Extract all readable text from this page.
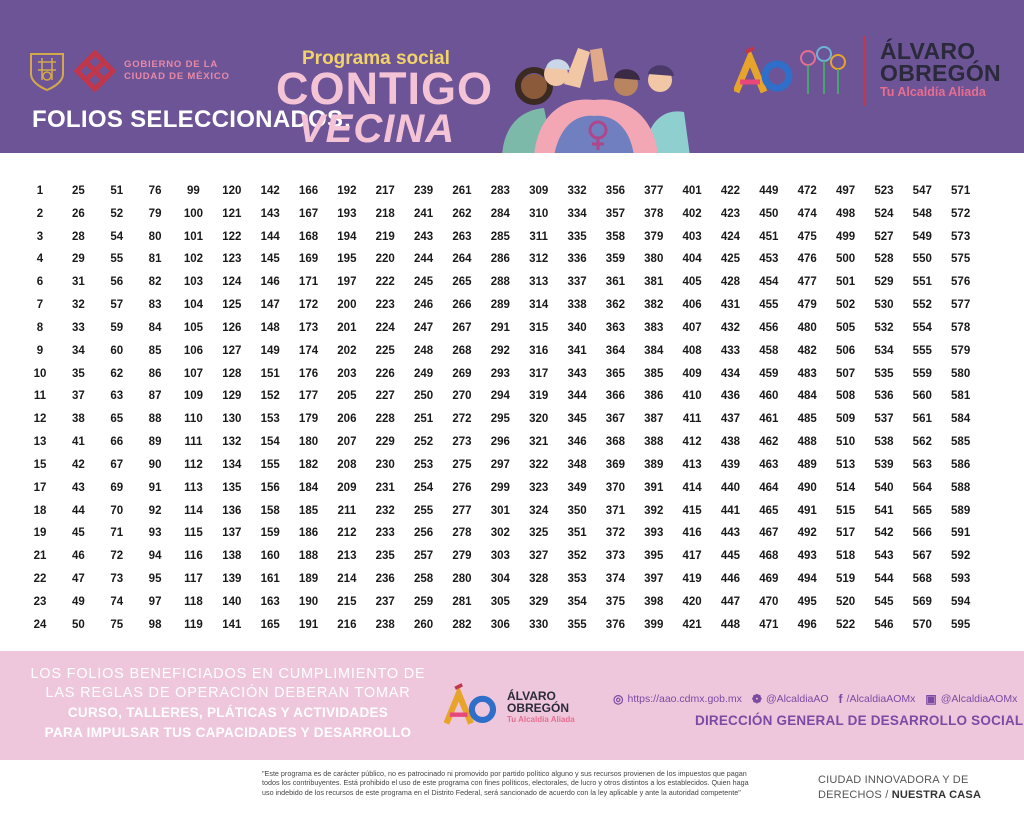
GOBIERNO DE LA
CIUDAD DE MÉXICO
FOLIOS SELECCIONADOS:
Programa social
CONTIGO
VECINA
ÁLVARO
OBREGÓN
Tu Alcaldía Aliada
1	25	51	76	99	120	142	166	192	217	239	261	283	309	332	356	377	401	422	449	472	497	523	547	571
2	26	52	79	100	121	143	167	193	218	241	262	284	310	334	357	378	402	423	450	474	498	524	548	572
3	28	54	80	101	122	144	168	194	219	243	263	285	311	335	358	379	403	424	451	475	499	527	549	573
4	29	55	81	102	123	145	169	195	220	244	264	286	312	336	359	380	404	425	453	476	500	528	550	575
6	31	56	82	103	124	146	171	197	222	245	265	288	313	337	361	381	405	428	454	477	501	529	551	576
7	32	57	83	104	125	147	172	200	223	246	266	289	314	338	362	382	406	431	455	479	502	530	552	577
8	33	59	84	105	126	148	173	201	224	247	267	291	315	340	363	383	407	432	456	480	505	532	554	578
9	34	60	85	106	127	149	174	202	225	248	268	292	316	341	364	384	408	433	458	482	506	534	555	579
10	35	62	86	107	128	151	176	203	226	249	269	293	317	343	365	385	409	434	459	483	507	535	559	580
11	37	63	87	109	129	152	177	205	227	250	270	294	319	344	366	386	410	436	460	484	508	536	560	581
12	38	65	88	110	130	153	179	206	228	251	272	295	320	345	367	387	411	437	461	485	509	537	561	584
13	41	66	89	111	132	154	180	207	229	252	273	296	321	346	368	388	412	438	462	488	510	538	562	585
15	42	67	90	112	134	155	182	208	230	253	275	297	322	348	369	389	413	439	463	489	513	539	563	586
17	43	69	91	113	135	156	184	209	231	254	276	299	323	349	370	391	414	440	464	490	514	540	564	588
18	44	70	92	114	136	158	185	211	232	255	277	301	324	350	371	392	415	441	465	491	515	541	565	589
19	45	71	93	115	137	159	186	212	233	256	278	302	325	351	372	393	416	443	467	492	517	542	566	591
21	46	72	94	116	138	160	188	213	235	257	279	303	327	352	373	395	417	445	468	493	518	543	567	592
22	47	73	95	117	139	161	189	214	236	258	280	304	328	353	374	397	419	446	469	494	519	544	568	593
23	49	74	97	118	140	163	190	215	237	259	281	305	329	354	375	398	420	447	470	495	520	545	569	594
24	50	75	98	119	141	165	191	216	238	260	282	306	330	355	376	399	421	448	471	496	522	546	570	595
LOS FOLIOS BENEFICIADOS EN CUMPLIMIENTO DE
LAS REGLAS DE OPERACIÓN DEBERAN TOMAR
CURSO, TALLERES, PLÁTICAS Y ACTIVIDADES
PARA IMPULSAR TUS CAPACIDADES Y DESARROLLO
ÁLVARO
OBREGÓN
Tu Alcaldía Aliada
◎ https://aao.cdmx.gob.mx ❁ @AlcaldiaAO f /AlcaldiaAOMx ▣ @AlcaldiaAOMx
DIRECCIÓN GENERAL DE DESARROLLO SOCIAL
"Este programa es de carácter público, no es patrocinado ni promovido por partido político alguno y sus recursos provienen de los impuestos que pagan todos los contribuyentes. Está prohibido el uso de este programa con fines políticos, electorales, de lucro y otros distintos a los establecidos. Quien haga uso indebido de los recursos de este programa en el Distrito Federal, será sancionado de acuerdo con la ley aplicable y ante la autoridad competente"
CIUDAD INNOVADORA Y DE
DERECHOS / NUESTRA CASA
